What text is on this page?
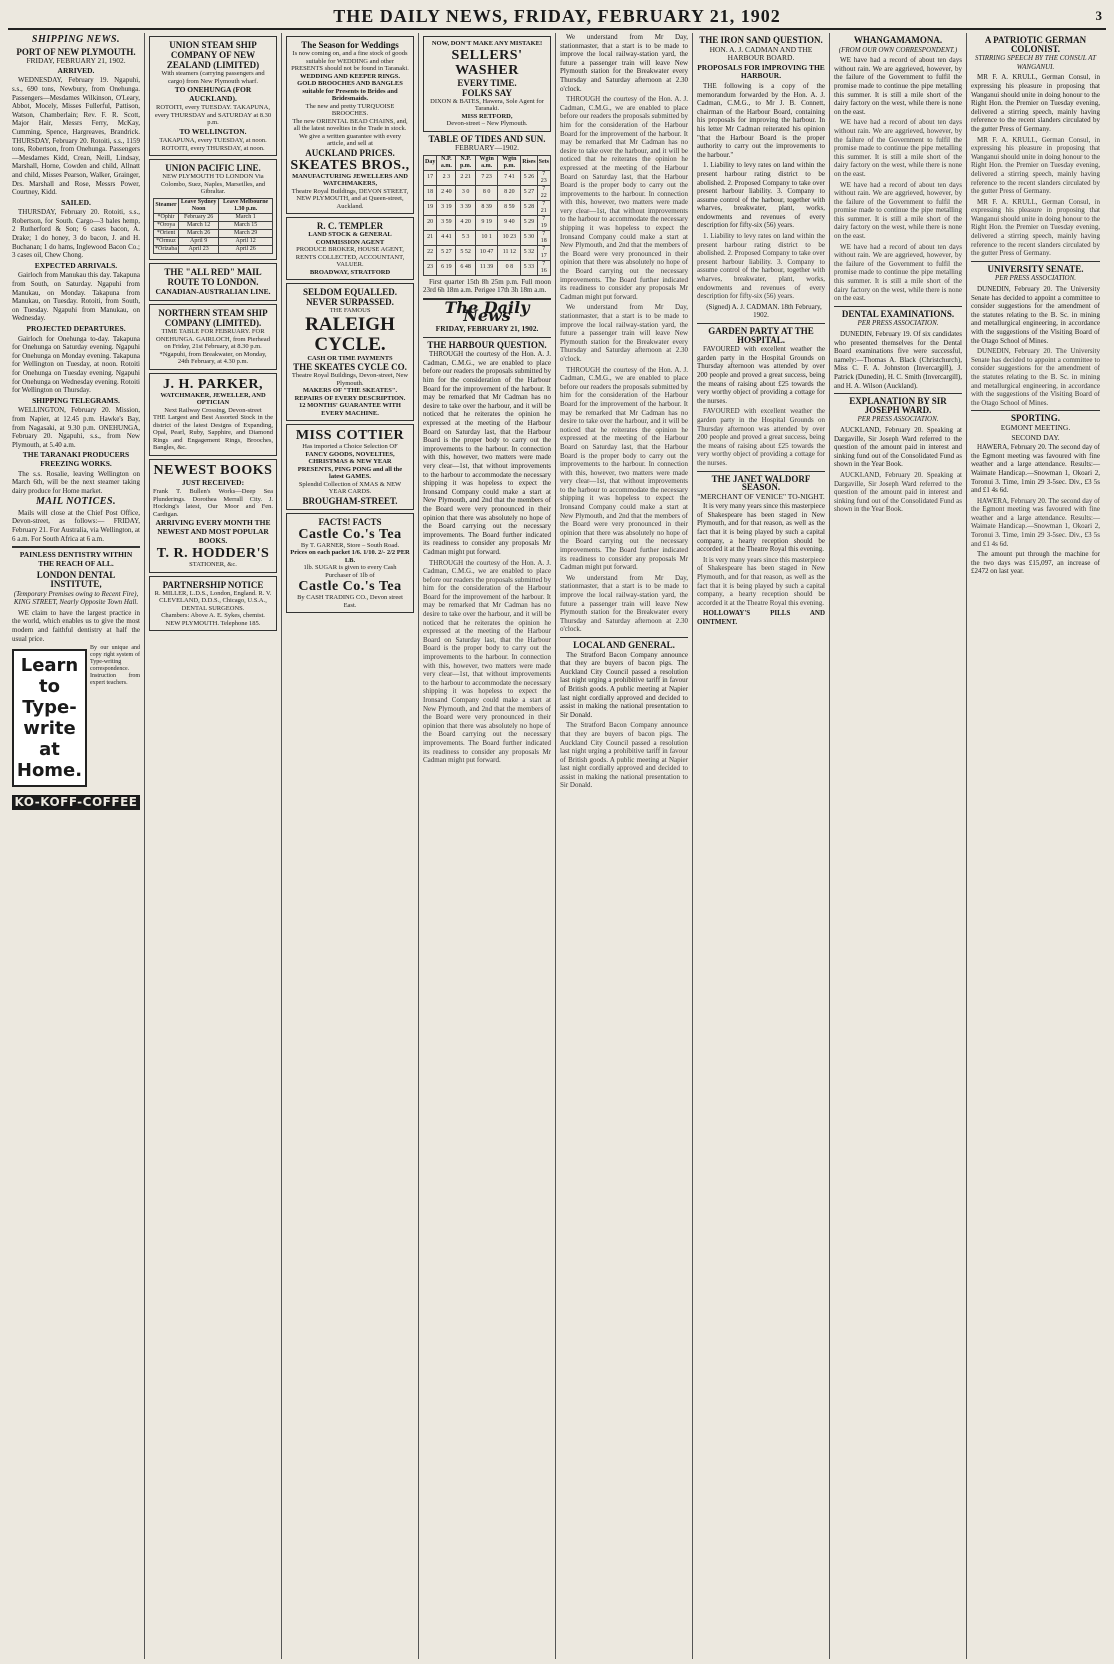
THE DAILY NEWS, FRIDAY, FEBRUARY 21, 1902	3
SHIPPING NEWS.
PORT OF NEW PLYMOUTH.
FRIDAY, FEBRUARY 21, 1902.
ARRIVED.

WEDNESDAY, February 19. Ngapuhi, s.s., 690 tons, Newbury, from Onehunga. Passengers—Mesdames Wilkinson, O'Leary, Abbot, Mocely, Misses Fullerful, Pattison, Watson, Chamberlain; Rev. F. R. Scott, Major Hair, Messrs Ferry, McKay, Cumming, Spence, Hargreaves, Brandrick. THURSDAY, February 20. Rotoiti, s.s., 1159 tons, Robertson, from Onehunga. Passengers—Mesdames Kidd, Crean, Neill, Lindsay, Marshall, Horne, Cowden and child, Allnatt and child, Misses Pearson, Walker, Grainger, Drs. Marshall and Rose, Messrs Power, Courtney, Kidd.

SAILED.

THURSDAY, February 20. Rotoiti, s.s., Robertson, for South. Cargo—3 bales hemp, 2 Rutherford & Son; 6 cases bacon, A. Drake; 1 do honey, 3 do bacon, J. and H. Buchanan; 1 do hams, Inglewood Bacon Co.; 3 cases oil, Chew Chong.

EXPECTED ARRIVALS.

Gairloch from Manukau this day. Takapuna from South, on Saturday. Ngapuhi from Manukau, on Monday. Takapuna from Manukau, on Tuesday. Rotoiti, from South, on Tuesday. Ngapuhi from Manukau, on Wednesday.

PROJECTED DEPARTURES.

Gairloch for Onehunga to-day. Takapuna for Onehunga on Saturday evening. Ngapuhi for Onehunga on Monday evening. Takapuna for Wellington on Tuesday, at noon. Rotoiti for Onehunga on Tuesday evening. Ngapuhi for Onehunga on Wednesday evening. Rotoiti for Wellington on Thursday.

SHIPPING TELEGRAMS.

WELLINGTON, February 20. Mission, from Napier, at 12.45 p.m. Hawke's Bay, from Nagasaki, at 9.30 p.m. ONEHUNGA, February 20. Ngapuhi, s.s., from New Plymouth, at 5.40 a.m.

THE TARANAKI PRODUCERS FREEZING WORKS.

The s.s. Rosalie, leaving Wellington on March 6th, will be the next steamer taking dairy produce for Home market.

MAIL NOTICES.

Mails will close at the Chief Post Office, Devon-street, as follows:— FRIDAY, February 21. For Australia, via Wellington, at 6 a.m. For South Africa at 6 a.m.

PAINLESS DENTISTRY WITHIN THE REACH OF ALL.
LONDON DENTAL INSTITUTE,
(Temporary Premises owing to Recent Fire), KING STREET, Nearly Opposite Town Hall.

WE claim to have the largest practice in the world, which enables us to give the most modern and faithful dentistry at half the usual price.

Learn
to Type-
write
at
Home.
By our unique and copy right system of Type-writing correspondence. Instruction from expert teachers.
KO-KOFF-COFFEE
UNION STEAM SHIP COMPANY OF NEW ZEALAND (LIMITED)
With steamers (carrying passengers and cargo) from New Plymouth wharf.
TO ONEHUNGA (FOR AUCKLAND).
ROTOITI, every TUESDAY. TAKAPUNA, every THURSDAY and SATURDAY at 8.30 p.m.
TO WELLINGTON.
TAKAPUNA, every TUESDAY, at noon. ROTOITI, every THURSDAY, at noon.
UNION PACIFIC LINE.
NEW PLYMOUTH TO LONDON Via Colombo, Suez, Naples, Marseilles, and Gibraltar.
Steamer	Leave Sydney Noon	Leave Melbourne 1.30 p.m.
*Ophir	February 26	March 1
*Oroya	March 12	March 15
*Orient	March 26	March 29
*Ormuz	April 9	April 12
*Orizaba	April 23	April 26
THE "ALL RED" MAIL ROUTE TO LONDON.
CANADIAN-AUSTRALIAN LINE.
NORTHERN STEAM SHIP COMPANY (LIMITED).
TIME TABLE FOR FEBRUARY. FOR ONEHUNGA. GAIRLOCH, from Pierhead on Friday, 21st February, at 8.30 p.m. *Ngapuhi, from Breakwater, on Monday, 24th February, at 4.30 p.m.
J. H. PARKER,
WATCHMAKER, JEWELLER, AND OPTICIAN
Next Railway Crossing, Devon-street
THE Largest and Best Assorted Stock in the district of the latest Designs of Expanding, Opal, Pearl, Ruby, Sapphire, and Diamond Rings and Engagement Rings, Brooches, Bangles, &c.
NEWEST BOOKS
JUST RECEIVED:
Frank T. Bullen's Works—Deep Sea Plunderings. Dorothea Merrall City. J. Hocking's latest, Our Moor and Fen. Cardigan.
ARRIVING EVERY MONTH THE NEWEST AND MOST POPULAR BOOKS.
T. R. HODDER'S
STATIONER, &c.
PARTNERSHIP NOTICE
R. MILLER, L.D.S., London, England. R. V. CLEVELAND, D.D.S., Chicago, U.S.A., DENTAL SURGEONS.
Chambers: Above A. E. Sykes, chemist. NEW PLYMOUTH. Telephone 185.
The Season for Weddings
Is now coming on, and a fine stock of goods suitable for WEDDING and other PRESENTS should not be found in Taranaki.
WEDDING AND KEEPER RINGS. GOLD BROOCHES AND BANGLES suitable for Presents to Brides and Bridesmaids.
The new and pretty TURQUOISE BROOCHES.
The new ORIENTAL BEAD CHAINS, and, all the latest novelties in the Trade in stock.
We give a written guarantee with every article, and sell at
AUCKLAND PRICES.
SKEATES BROS.,
MANUFACTURING JEWELLERS AND WATCHMAKERS,
Theatre Royal Buildings, DEVON STREET, NEW PLYMOUTH, and at Queen-street, Auckland.
R. C. TEMPLER
LAND STOCK & GENERAL COMMISSION AGENT
PRODUCE BROKER, HOUSE AGENT, RENTS COLLECTED, ACCOUNTANT, VALUER.
BROADWAY, STRATFORD
SELDOM EQUALLED.
NEVER SURPASSED.
THE FAMOUS
RALEIGH
CYCLE.
CASH OR TIME PAYMENTS
THE SKEATES CYCLE CO.
Theatre Royal Buildings, Devon-street, New Plymouth.
MAKERS OF "THE SKEATES".
REPAIRS OF EVERY DESCRIPTION.
12 MONTHS' GUARANTEE WITH EVERY MACHINE.
MISS COTTIER
Has imported a Choice Selection OF
FANCY GOODS, NOVELTIES, CHRISTMAS & NEW YEAR PRESENTS, PING PONG and all the latest GAMES.
Splendid Collection of XMAS & NEW YEAR CARDS.
BROUGHAM-STREET.
FACTS! FACTS
Castle Co.'s Tea
By T. GARNER, Store – South Road.
Prices on each packet 1/6. 1/10. 2/- 2/2 PER LB.
1lb. SUGAR is given to every Cash Purchaser of 1lb of
Castle Co.'s Tea
By CASH TRADING CO., Devon street East.
NOW, DON'T MAKE ANY MISTAKE!
SELLERS' WASHER
EVERY TIME.
FOLKS SAY
DIXON & BATES, Hawera, Sole Agent for Taranaki.
MISS RETFORD,
Devon-street – New Plymouth.
TABLE OF TIDES AND SUN.
FEBRUARY—1902.
Day	N.P. a.m.	N.P. p.m.	Wgtn a.m.	Wgtn p.m.	Rises	Sets
17	2 3	2 21	7 23	7 41	5 26	7 23
18	2 40	3 0	8 0	8 20	5 27	7 22
19	3 19	3 39	8 39	8 59	5 28	7 21
20	3 59	4 20	9 19	9 40	5 29	7 19
21	4 41	5 3	10 1	10 23	5 30	7 18
22	5 27	5 52	10 47	11 12	5 32	7 17
23	6 19	6 48	11 39	0 8	5 33	7 16

First quarter 15th 8h 25m p.m. Full moon 23rd 6h 18m a.m. Perigee 17th 3h 18m a.m.

The Daily News
FRIDAY, FEBRUARY 21, 1902.
THE HARBOUR QUESTION.

THROUGH the courtesy of the Hon. A. J. Cadman, C.M.G., we are enabled to place before our readers the proposals submitted by him for the consideration of the Harbour Board for the improvement of the harbour. It may be remarked that Mr Cadman has no desire to take over the harbour, and it will be noticed that he reiterates the opinion he expressed at the meeting of the Harbour Board on Saturday last, that the Harbour Board is the proper body to carry out the improvements to the harbour. In connection with this, however, two matters were made very clear—1st, that without improvements to the harbour to accommodate the necessary shipping it was hopeless to expect the Ironsand Company could make a start at New Plymouth, and 2nd that the members of the Board were very pronounced in their opinion that there was absolutely no hope of the Board carrying out the necessary improvements. The Board further indicated its readiness to consider any proposals Mr Cadman might put forward.

THROUGH the courtesy of the Hon. A. J. Cadman, C.M.G., we are enabled to place before our readers the proposals submitted by him for the consideration of the Harbour Board for the improvement of the harbour. It may be remarked that Mr Cadman has no desire to take over the harbour, and it will be noticed that he reiterates the opinion he expressed at the meeting of the Harbour Board on Saturday last, that the Harbour Board is the proper body to carry out the improvements to the harbour. In connection with this, however, two matters were made very clear—1st, that without improvements to the harbour to accommodate the necessary shipping it was hopeless to expect the Ironsand Company could make a start at New Plymouth, and 2nd that the members of the Board were very pronounced in their opinion that there was absolutely no hope of the Board carrying out the necessary improvements. The Board further indicated its readiness to consider any proposals Mr Cadman might put forward.

We understand from Mr Day, stationmaster, that a start is to be made to improve the local railway-station yard, the future a passenger train will leave New Plymouth station for the Breakwater every Thursday and Saturday afternoon at 2.30 o'clock.

THROUGH the courtesy of the Hon. A. J. Cadman, C.M.G., we are enabled to place before our readers the proposals submitted by him for the consideration of the Harbour Board for the improvement of the harbour. It may be remarked that Mr Cadman has no desire to take over the harbour, and it will be noticed that he reiterates the opinion he expressed at the meeting of the Harbour Board on Saturday last, that the Harbour Board is the proper body to carry out the improvements to the harbour. In connection with this, however, two matters were made very clear—1st, that without improvements to the harbour to accommodate the necessary shipping it was hopeless to expect the Ironsand Company could make a start at New Plymouth, and 2nd that the members of the Board were very pronounced in their opinion that there was absolutely no hope of the Board carrying out the necessary improvements. The Board further indicated its readiness to consider any proposals Mr Cadman might put forward.

We understand from Mr Day, stationmaster, that a start is to be made to improve the local railway-station yard, the future a passenger train will leave New Plymouth station for the Breakwater every Thursday and Saturday afternoon at 2.30 o'clock.

THROUGH the courtesy of the Hon. A. J. Cadman, C.M.G., we are enabled to place before our readers the proposals submitted by him for the consideration of the Harbour Board for the improvement of the harbour. It may be remarked that Mr Cadman has no desire to take over the harbour, and it will be noticed that he reiterates the opinion he expressed at the meeting of the Harbour Board on Saturday last, that the Harbour Board is the proper body to carry out the improvements to the harbour. In connection with this, however, two matters were made very clear—1st, that without improvements to the harbour to accommodate the necessary shipping it was hopeless to expect the Ironsand Company could make a start at New Plymouth, and 2nd that the members of the Board were very pronounced in their opinion that there was absolutely no hope of the Board carrying out the necessary improvements. The Board further indicated its readiness to consider any proposals Mr Cadman might put forward.

We understand from Mr Day, stationmaster, that a start is to be made to improve the local railway-station yard, the future a passenger train will leave New Plymouth station for the Breakwater every Thursday and Saturday afternoon at 2.30 o'clock.

LOCAL AND GENERAL.

The Stratford Bacon Company announce that they are buyers of bacon pigs. The Auckland City Council passed a resolution last night urging a prohibitive tariff in favour of British goods. A public meeting at Napier last night cordially approved and decided to assist in making the national presentation to Sir Donald.

The Stratford Bacon Company announce that they are buyers of bacon pigs. The Auckland City Council passed a resolution last night urging a prohibitive tariff in favour of British goods. A public meeting at Napier last night cordially approved and decided to assist in making the national presentation to Sir Donald.

THE IRON SAND QUESTION.
HON. A. J. CADMAN AND THE HARBOUR BOARD.
PROPOSALS FOR IMPROVING THE HARBOUR.

THE following is a copy of the memorandum forwarded by the Hon. A. J. Cadman, C.M.G., to Mr J. B. Connett, chairman of the Harbour Board, containing his proposals for improving the harbour. In his letter Mr Cadman reiterated his opinion "that the Harbour Board is the proper authority to carry out the improvements to the harbour."

1. Liability to levy rates on land within the present harbour rating district to be abolished. 2. Proposed Company to take over present harbour liability. 3. Company to assume control of the harbour, together with wharves, breakwater, plant, works, endowments and revenues of every description for fifty-six (56) years.

1. Liability to levy rates on land within the present harbour rating district to be abolished. 2. Proposed Company to take over present harbour liability. 3. Company to assume control of the harbour, together with wharves, breakwater, plant, works, endowments and revenues of every description for fifty-six (56) years.

(Signed) A. J. CADMAN. 18th February, 1902.

GARDEN PARTY AT THE HOSPITAL.

FAVOURED with excellent weather the garden party in the Hospital Grounds on Thursday afternoon was attended by over 200 people and proved a great success, being the means of raising about £25 towards the very worthy object of providing a cottage for the nurses.

FAVOURED with excellent weather the garden party in the Hospital Grounds on Thursday afternoon was attended by over 200 people and proved a great success, being the means of raising about £25 towards the very worthy object of providing a cottage for the nurses.

THE JANET WALDORF SEASON.
"MERCHANT OF VENICE" TO-NIGHT.

It is very many years since this masterpiece of Shakespeare has been staged in New Plymouth, and for that reason, as well as the fact that it is being played by such a capital company, a hearty reception should be accorded it at the Theatre Royal this evening.

It is very many years since this masterpiece of Shakespeare has been staged in New Plymouth, and for that reason, as well as the fact that it is being played by such a capital company, a hearty reception should be accorded it at the Theatre Royal this evening.

HOLLOWAY'S PILLS AND OINTMENT.

WHANGAMAMONA.
(FROM OUR OWN CORRESPONDENT.)

WE have had a record of about ten days without rain. We are aggrieved, however, by the failure of the Government to fulfil the promise made to continue the pipe metalling this summer. It is still a mile short of the dairy factory on the west, while there is none on the east.

WE have had a record of about ten days without rain. We are aggrieved, however, by the failure of the Government to fulfil the promise made to continue the pipe metalling this summer. It is still a mile short of the dairy factory on the west, while there is none on the east.

WE have had a record of about ten days without rain. We are aggrieved, however, by the failure of the Government to fulfil the promise made to continue the pipe metalling this summer. It is still a mile short of the dairy factory on the west, while there is none on the east.

WE have had a record of about ten days without rain. We are aggrieved, however, by the failure of the Government to fulfil the promise made to continue the pipe metalling this summer. It is still a mile short of the dairy factory on the west, while there is none on the east.

DENTAL EXAMINATIONS.
PER PRESS ASSOCIATION.

DUNEDIN, February 19. Of six candidates who presented themselves for the Dental Board examinations five were successful, namely:—Thomas A. Black (Christchurch), Miss C. F. A. Johnston (Invercargill), J. Patrick (Dunedin), H. C. Smith (Invercargill), and H. A. Wilson (Auckland).

EXPLANATION BY SIR JOSEPH WARD.
PER PRESS ASSOCIATION.

AUCKLAND, February 20. Speaking at Dargaville, Sir Joseph Ward referred to the question of the amount paid in interest and sinking fund out of the Consolidated Fund as shown in the Year Book.

AUCKLAND, February 20. Speaking at Dargaville, Sir Joseph Ward referred to the question of the amount paid in interest and sinking fund out of the Consolidated Fund as shown in the Year Book.

A PATRIOTIC GERMAN COLONIST.
STIRRING SPEECH BY THE CONSUL AT WANGANUI.

MR F. A. KRULL, German Consul, in expressing his pleasure in proposing that Wanganui should unite in doing honour to the Right Hon. the Premier on Tuesday evening, delivered a stirring speech, mainly having reference to the recent slanders circulated by the gutter Press of Germany.

MR F. A. KRULL, German Consul, in expressing his pleasure in proposing that Wanganui should unite in doing honour to the Right Hon. the Premier on Tuesday evening, delivered a stirring speech, mainly having reference to the recent slanders circulated by the gutter Press of Germany.

MR F. A. KRULL, German Consul, in expressing his pleasure in proposing that Wanganui should unite in doing honour to the Right Hon. the Premier on Tuesday evening, delivered a stirring speech, mainly having reference to the recent slanders circulated by the gutter Press of Germany.

UNIVERSITY SENATE.
PER PRESS ASSOCIATION.

DUNEDIN, February 20. The University Senate has decided to appoint a committee to consider suggestions for the amendment of the statutes relating to the B. Sc. in mining and metallurgical engineering, in accordance with the suggestions of the Visiting Board of the Otago School of Mines.

DUNEDIN, February 20. The University Senate has decided to appoint a committee to consider suggestions for the amendment of the statutes relating to the B. Sc. in mining and metallurgical engineering, in accordance with the suggestions of the Visiting Board of the Otago School of Mines.

SPORTING.
EGMONT MEETING.
SECOND DAY.

HAWERA, February 20. The second day of the Egmont meeting was favoured with fine weather and a large attendance. Results:— Waimate Handicap.—Snowman 1, Okoari 2, Toronui 3. Time, 1min 29 3-5sec. Div., £3 5s and £1 4s 6d.

HAWERA, February 20. The second day of the Egmont meeting was favoured with fine weather and a large attendance. Results:— Waimate Handicap.—Snowman 1, Okoari 2, Toronui 3. Time, 1min 29 3-5sec. Div., £3 5s and £1 4s 6d.

The amount put through the machine for the two days was £15,097, an increase of £2472 on last year.
